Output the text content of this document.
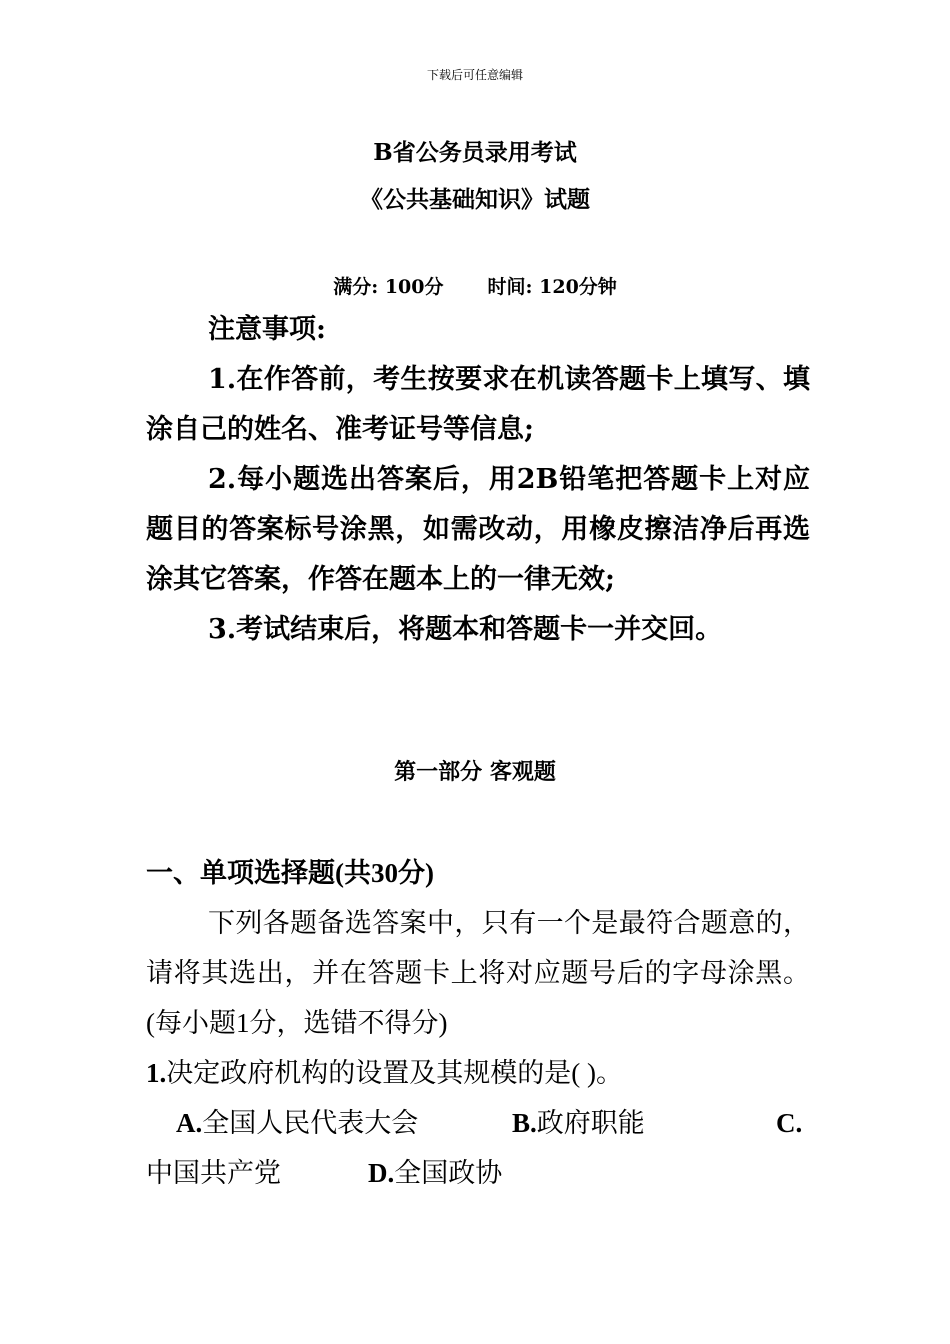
下载后可任意编辑
B省公务员录用考试
《公共基础知识》试题
满分: 100分 时间: 120分钟
注意事项:
1.在作答前，考生按要求在机读答题卡上填写、填涂自己的姓名、准考证号等信息;
2.每小题选出答案后，用2B铅笔把答题卡上对应题目的答案标号涂黑，如需改动，用橡皮擦洁净后再选涂其它答案，作答在题本上的一律无效;
3.考试结束后，将题本和答题卡一并交回。
第一部分 客观题
一、单项选择题(共30分)
下列各题备选答案中，只有一个是最符合题意的，请将其选出，并在答题卡上将对应题号后的字母涂黑。(每小题1分，选错不得分)
1.决定政府机构的设置及其规模的是( )。
A.全国人民代表大会	B.政府职能	C.
中国共产党	D.全国政协
